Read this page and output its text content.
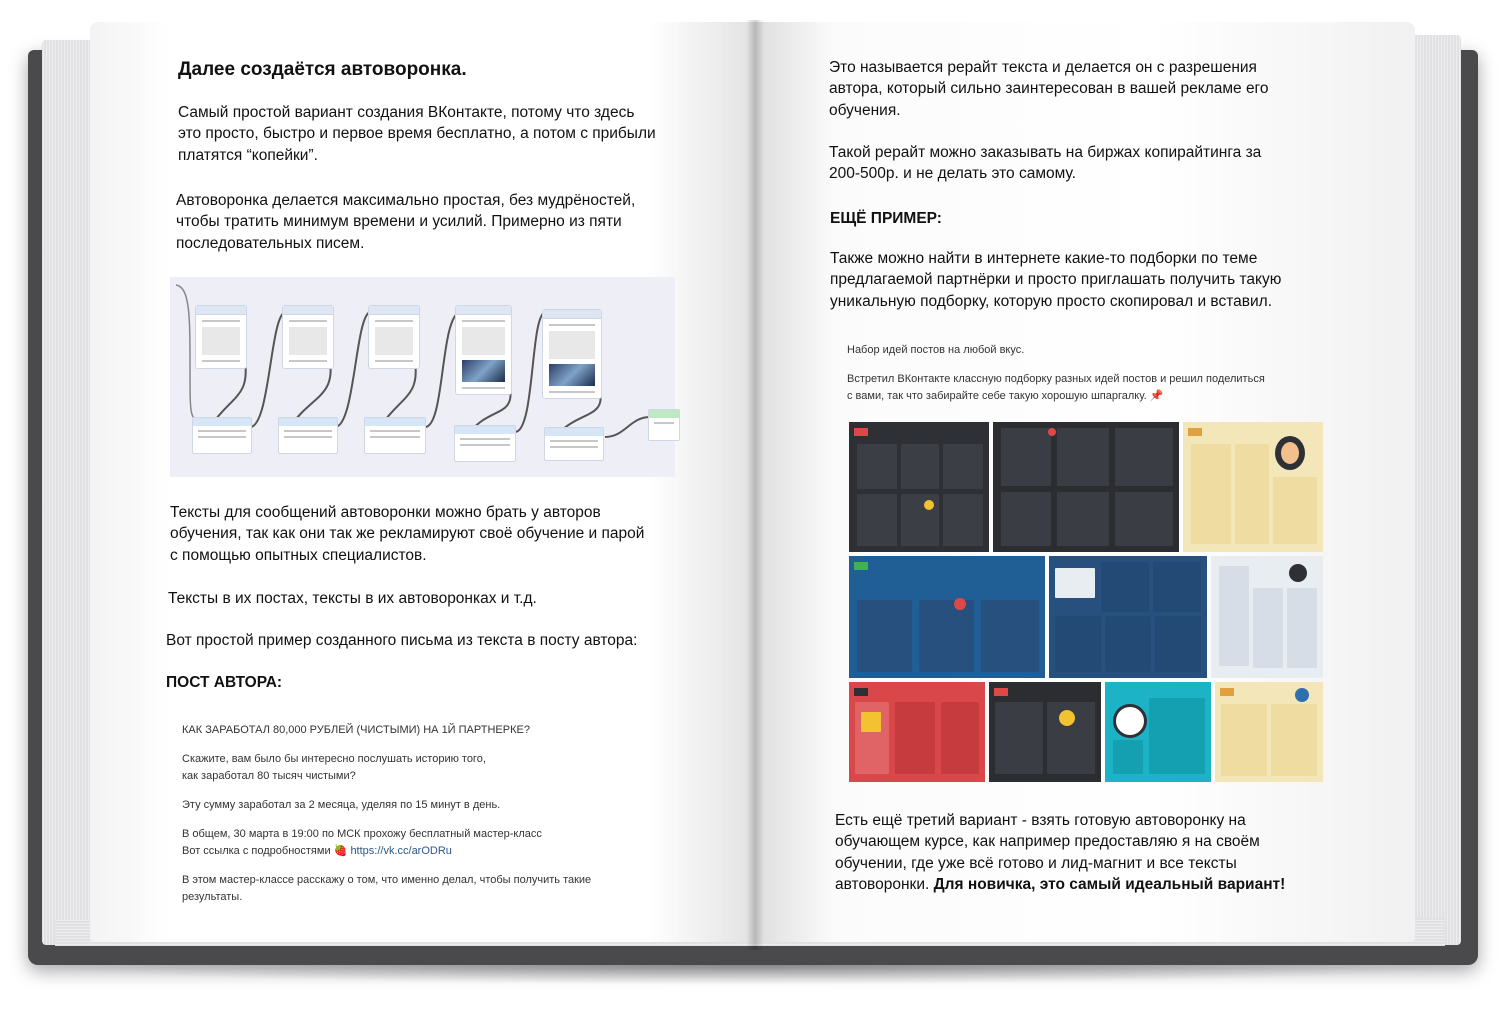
Далее создаётся автоворонка.
Самый простой вариант создания ВКонтакте, потому что здесь
это просто, быстро и первое время бесплатно, а потом с прибыли
платятся “копейки”.
Автоворонка делается максимально простая, без мудрёностей,
чтобы тратить минимум времени и усилий. Примерно из пяти
последовательных писем.
Тексты для сообщений автоворонки можно брать у авторов
обучения, так как они так же рекламируют своё обучение и парой
с помощью опытных специалистов.
Тексты в их постах, тексты в их автоворонках и т.д.
Вот простой пример созданного письма из текста в посту автора:
ПОСТ АВТОРА:
КАК ЗАРАБОТАЛ 80,000 РУБЛЕЙ (ЧИСТЫМИ) НА 1Й ПАРТНЕРКЕ?
Скажите, вам было бы интересно послушать историю того,
как заработал 80 тысяч чистыми?
Эту сумму заработал за 2 месяца, уделяя по 15 минут в день.
В общем, 30 марта в 19:00 по МСК прохожу бесплатный мастер-класс
Вот ссылка с подробностями 🍓 https://vk.cc/arODRu
В этом мастер-классе расскажу о том, что именно делал, чтобы получить такие
результаты.
Это называется рерайт текста и делается он с разрешения
автора, который сильно заинтересован в вашей рекламе его
обучения.
Такой рерайт можно заказывать на биржах копирайтинга за
200-500р. и не делать это самому.
ЕЩЁ ПРИМЕР:
Также можно найти в интернете какие-то подборки по теме
предлагаемой партнёрки и просто приглашать получить такую
уникальную подборку, которую просто скопировал и вставил.
Набор идей постов на любой вкус.
Встретил ВКонтакте классную подборку разных идей постов и решил поделиться
с вами, так что забирайте себе такую хорошую шпаргалку. 📌
Есть ещё третий вариант - взять готовую автоворонку на
обучающем курсе, как например предоставляю я на своём
обучении, где уже всё готово и лид-магнит и все тексты
автоворонки. Для новичка, это самый идеальный вариант!
